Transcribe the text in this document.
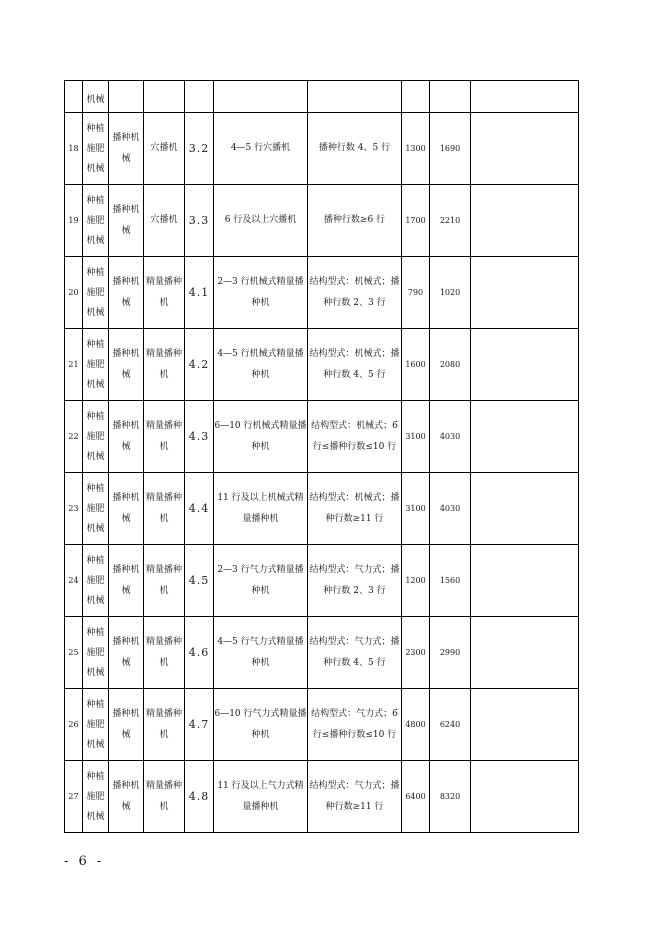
	机械								
18	种植施肥机械	播种机械	穴播机	3.2	4—5 行穴播机	播种行数 4、5 行	1300	1690	
19	种植施肥机械	播种机械	穴播机	3.3	6 行及以上穴播机	播种行数≥6 行	1700	2210	
20	种植施肥机械	播种机械	精量播种机	4.1	2—3 行机械式精量播种机	结构型式：机械式；播种行数 2、3 行	790	1020	
21	种植施肥机械	播种机械	精量播种机	4.2	4—5 行机械式精量播种机	结构型式：机械式；播种行数 4、5 行	1600	2080	
22	种植施肥机械	播种机械	精量播种机	4.3	6—10 行机械式精量播种机	结构型式：机械式；6 行≤播种行数≤10 行	3100	4030	
23	种植施肥机械	播种机械	精量播种机	4.4	11 行及以上机械式精量播种机	结构型式：机械式；播种行数≥11 行	3100	4030	
24	种植施肥机械	播种机械	精量播种机	4.5	2—3 行气力式精量播种机	结构型式：气力式；播种行数 2、3 行	1200	1560	
25	种植施肥机械	播种机械	精量播种机	4.6	4—5 行气力式精量播种机	结构型式：气力式；播种行数 4、5 行	2300	2990	
26	种植施肥机械	播种机械	精量播种机	4.7	6—10 行气力式精量播种机	结构型式：气力式；6 行≤播种行数≤10 行	4800	6240	
27	种植施肥机械	播种机械	精量播种机	4.8	11 行及以上气力式精量播种机	结构型式：气力式；播种行数≥11 行	6400	8320	
- 6 -
